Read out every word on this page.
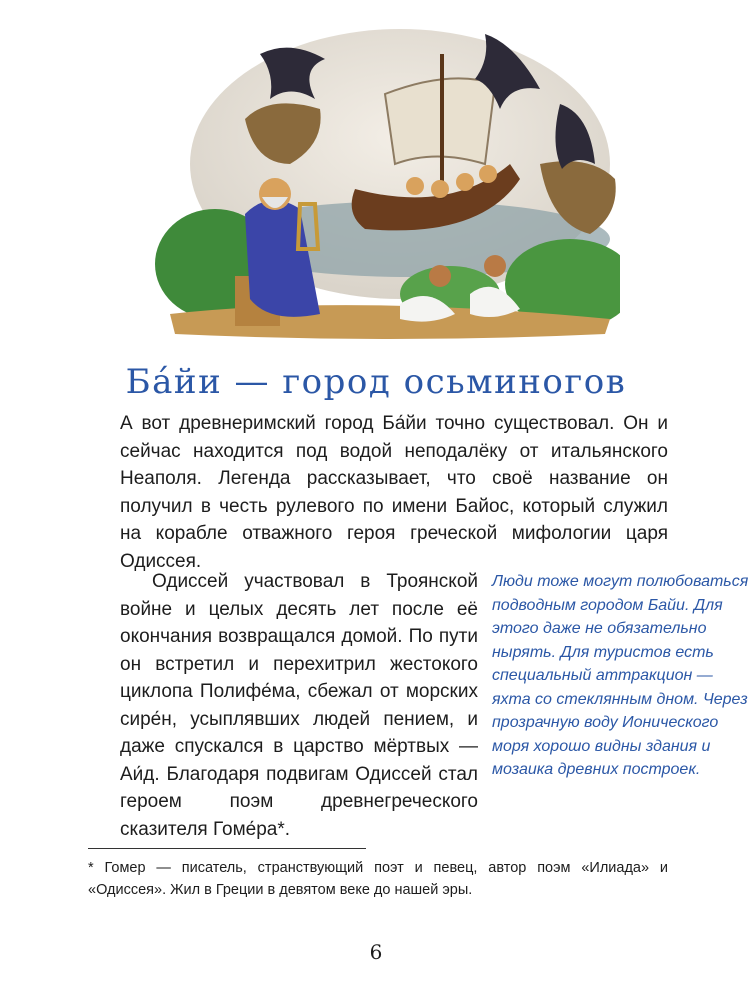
Ба́йи — город осьминогов

А вот древнеримский город Ба́йи точно существовал. Он и сейчас находится под водой неподалёку от итальянского Неаполя. Легенда рассказывает, что своё название он получил в честь рулевого по имени Байос, который служил на корабле отважного героя греческой мифологии царя Одиссея.

Одиссей участвовал в Троянской войне и целых десять лет после её окончания возвращался домой. По пути он встретил и перехитрил жестокого циклопа Полифе́ма, сбежал от морских сире́н, усыплявших людей пением, и даже спускался в царство мёртвых — Аи́д. Благодаря подвигам Одиссей стал героем поэм древнегреческого сказителя Гоме́ра*.

Люди тоже могут полюбоваться подводным городом Байи. Для этого даже не обязательно нырять. Для туристов есть специальный аттракцион — яхта со стеклянным дном. Через прозрачную воду Ионического моря хорошо видны здания и мозаика древних построек.

* Гомер — писатель, странствующий поэт и певец, автор поэм «Илиада» и «Одиссея». Жил в Греции в девятом веке до нашей эры.

6
